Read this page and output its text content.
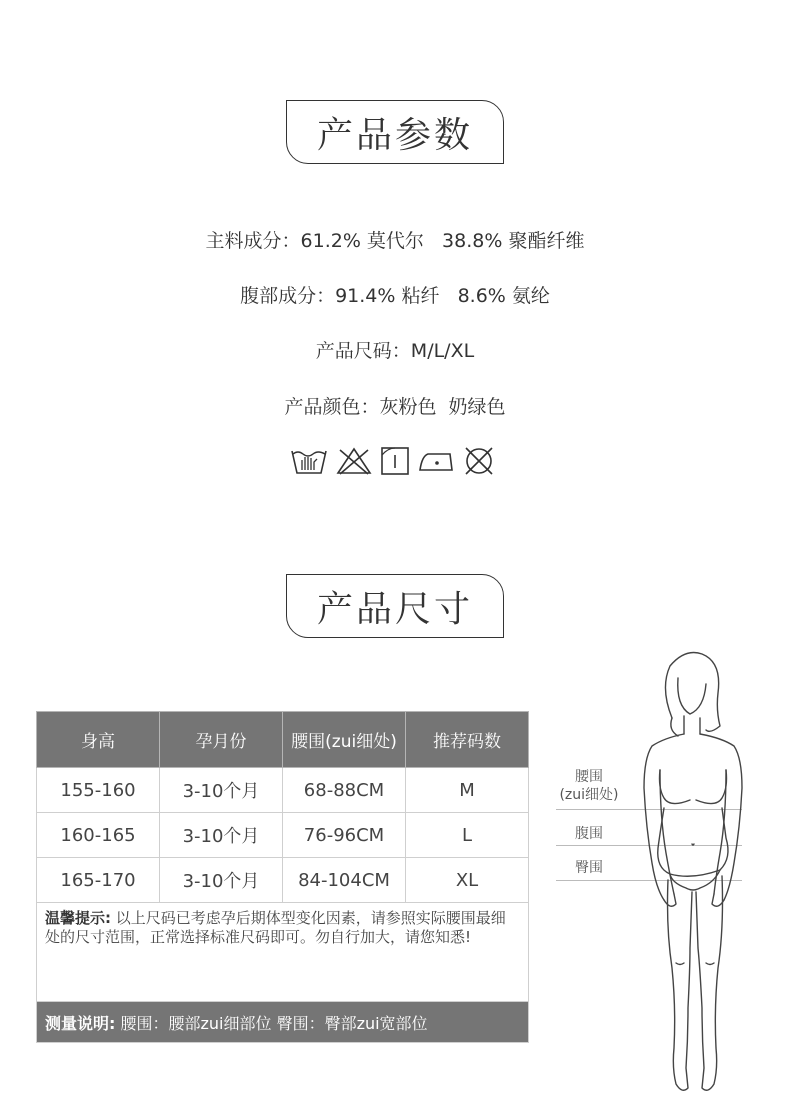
产品参数
主料成分：61.2% 莫代尔   38.8% 聚酯纤维
腹部成分：91.4% 粘纤   8.6% 氨纶
产品尺码：M/L/XL
产品颜色：灰粉色  奶绿色
产品尺寸
身高	孕月份	腰围(zui细处)	推荐码数
155-160	3-10个月	68-88CM	M
160-165	3-10个月	76-96CM	L
165-170	3-10个月	84-104CM	XL
温馨提示: 以上尺码已考虑孕后期体型变化因素，请参照实际腰围最细处的尺寸范围，正常选择标准尺码即可。勿自行加大，请您知悉!			
测量说明: 腰围：腰部zui细部位 臀围：臀部zui宽部位			
腰围
(zui细处)
腹围
臀围
